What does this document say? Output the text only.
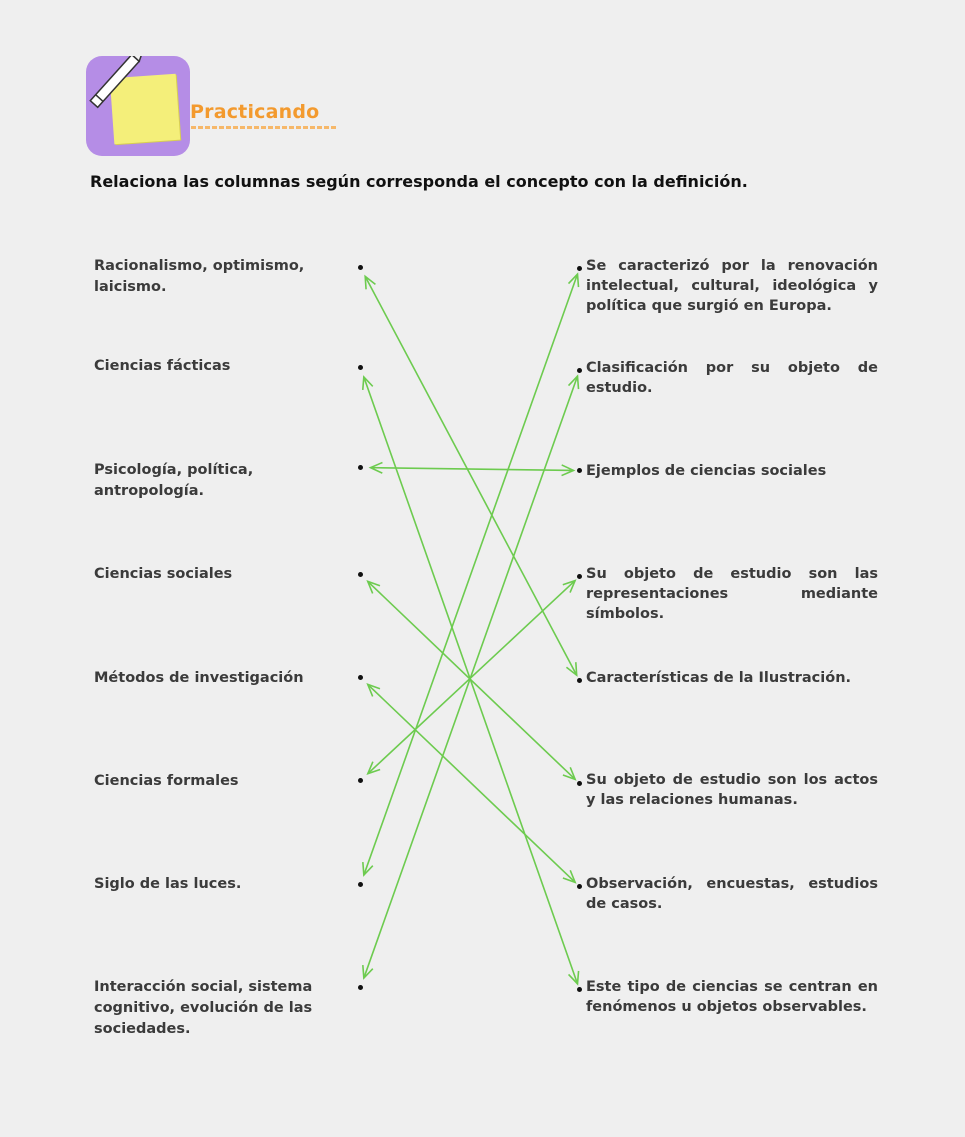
Practicando
Relaciona las columnas según corresponda el concepto con la definición.
Racionalismo, optimismo, laicismo.
Ciencias fácticas
Psicología, política, antropología.
Ciencias sociales
Métodos de investigación
Ciencias formales
Siglo de las luces.
Interacción social, sistema cognitivo, evolución de las sociedades.
Se caracterizó por la renovación intelectual, cultural, ideológica y política que surgió en Europa.
Clasificación por su objeto de estudio.
Ejemplos de ciencias sociales
Su objeto de estudio son las representaciones mediante símbolos.
Características de la Ilustración.
Su objeto de estudio son los actos y las relaciones humanas.
Observación, encuestas, estudios de casos.
Este tipo de ciencias se centran en fenómenos u objetos observables.
